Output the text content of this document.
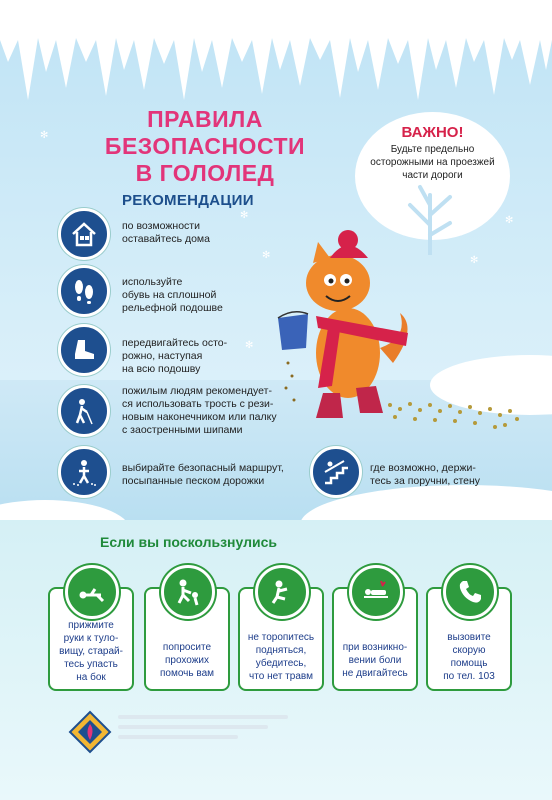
✻
✻
✻	✻
✻
✻
✻
ПРАВИЛА
БЕЗОПАСНОСТИ
В ГОЛОЛЕД
ВАЖНО!
Будьте предельно
осторожными на проезжей
части дороги
РЕКОМЕНДАЦИИ
по возможности
оставайтесь дома
используйте
обувь на сплошной
рельефной подошве
передвигайтесь осто-
рожно, наступая
на всю подошву
пожилым людям рекомендует-
ся использовать трость с рези-
новым наконечником или палку
с заостренными шипами
выбирайте безопасный маршрут,
посыпанные песком дорожки
где возможно, держи-
тесь за поручни, стену
Если вы поскользнулись
прижмите
руки к туло-
вищу, старай-
тесь упасть
на бок
попросите
прохожих
помочь вам
не торопитесь
подняться,
убедитесь,
что нет травм
при возникно-
вении боли
не двигайтесь
вызовите
скорую
помощь
по тел. 103
